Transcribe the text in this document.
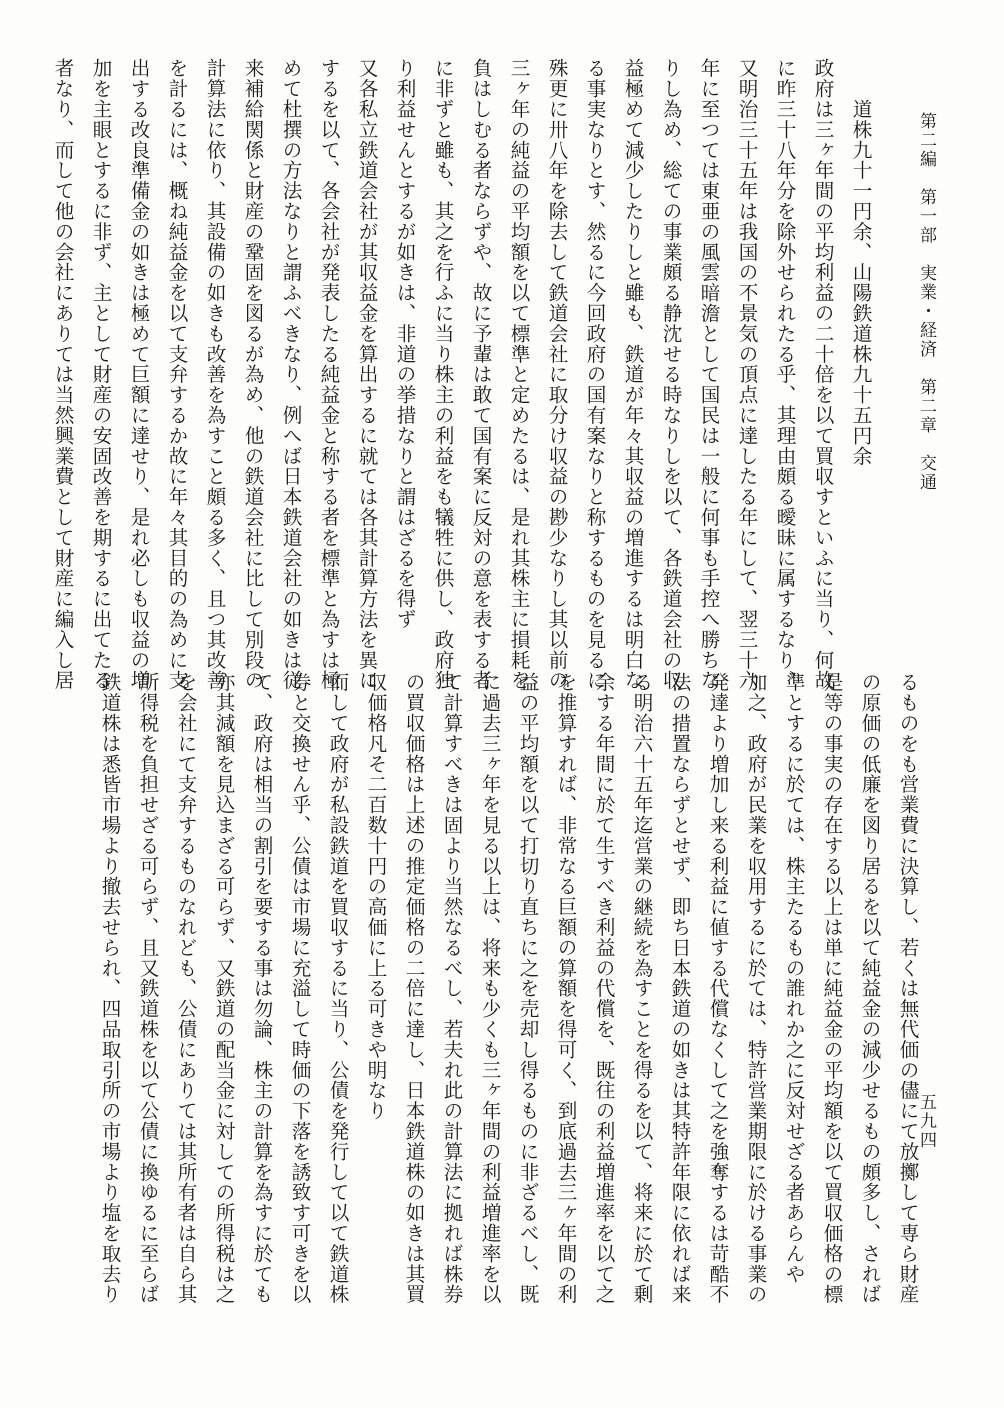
第二編　第一部　実業・経済　第二章　交通

　　道株九十一円余、山陽鉄道株九十五円余

政府は三ヶ年間の平均利益の二十倍を以て買収すといふに当り、何故

に昨三十八年分を除外せられたる乎、其理由頗る曖昧に属するなり、

又明治三十五年は我国の不景気の頂点に達したる年にして、翌三十六

年に至つては東亜の風雲暗澹として国民は一般に何事も手控へ勝ちな

りし為め、総ての事業頗る静沈せる時なりしを以て、各鉄道会社の収

益極めて減少したりしと雖も、鉄道が年々其収益の増進するは明白な

る事実なりとす、然るに今回政府の国有案なりと称するものを見るに

殊更に卅八年を除去して鉄道会社に取分け収益の尠少なりし其以前の

三ヶ年の純益の平均額を以て標準と定めたるは、是れ其株主に損耗を

負はしむる者ならずや、故に予輩は敢て国有案に反対の意を表する者

に非ずと雖も、其之を行ふに当り株主の利益をも犠牲に供し、政府独

り利益せんとするが如きは、非道の挙措なりと謂はざるを得ず

又各私立鉄道会社が其収益金を算出するに就ては各其計算方法を異に

するを以て、各会社が発表したる純益金と称する者を標準と為すは極

めて杜撰の方法なりと謂ふべきなり、例へば日本鉄道会社の如きは従

来補給関係と財産の鞏固を図るが為め、他の鉄道会社に比して別段の

計算法に依り、其設備の如きも改善を為すこと頗る多く、且つ其改善

を計るには、概ね純益金を以て支弁するか故に年々其目的の為めに支

出する改良準備金の如きは極めて巨額に達せり、是れ必しも収益の増

加を主眼とするに非ず、主として財産の安固改善を期するに出てたる

者なり、而して他の会社にありては当然興業費として財産に編入し居

五九四

るものをも営業費に決算し、若くは無代価の儘にて放擲して専ら財産

の原価の低廉を図り居るを以て純益金の減少せるもの頗多し、されば

是等の事実の存在する以上は単に純益金の平均額を以て買収価格の標

準とするに於ては、株主たるもの誰れか之に反対せざる者あらんや

加之、政府が民業を収用するに於ては、特許営業期限に於ける事業の

発達より増加し来る利益に値する代償なくして之を強奪するは苛酷不

法の措置ならずとせず、即ち日本鉄道の如きは其特許年限に依れば来

る明治六十五年迄営業の継続を為すことを得るを以て、将来に於て剰

余する年間に於て生すべき利益の代償を、既往の利益増進率を以て之

を推算すれば、非常なる巨額の算額を得可く、到底過去三ヶ年間の利

益の平均額を以て打切り直ちに之を売却し得るものに非ざるべし、既

に過去三ヶ年を見る以上は、将来も少くも三ヶ年間の利益増進率を以

て計算すべきは固より当然なるべし、若夫れ此の計算法に拠れば株券

の買収価格は上述の推定価格の二倍に達し、日本鉄道株の如きは其買

収価格凡そ二百数十円の高価に上る可きや明なり

而して政府が私設鉄道を買収するに当り、公債を発行して以て鉄道株

券と交換せん乎、公債は市場に充溢して時価の下落を誘致す可きを以

て、政府は相当の割引を要する事は勿論、株主の計算を為すに於ても

亦其減額を見込まざる可らず、又鉄道の配当金に対しての所得税は之

を会社にて支弁するものなれども、公債にありては其所有者は自ら其

所得税を負担せざる可らず、且又鉄道株を以て公債に換ゆるに至らば

鉄道株は悉皆市場より撤去せられ、四品取引所の市場より塩を取去り
